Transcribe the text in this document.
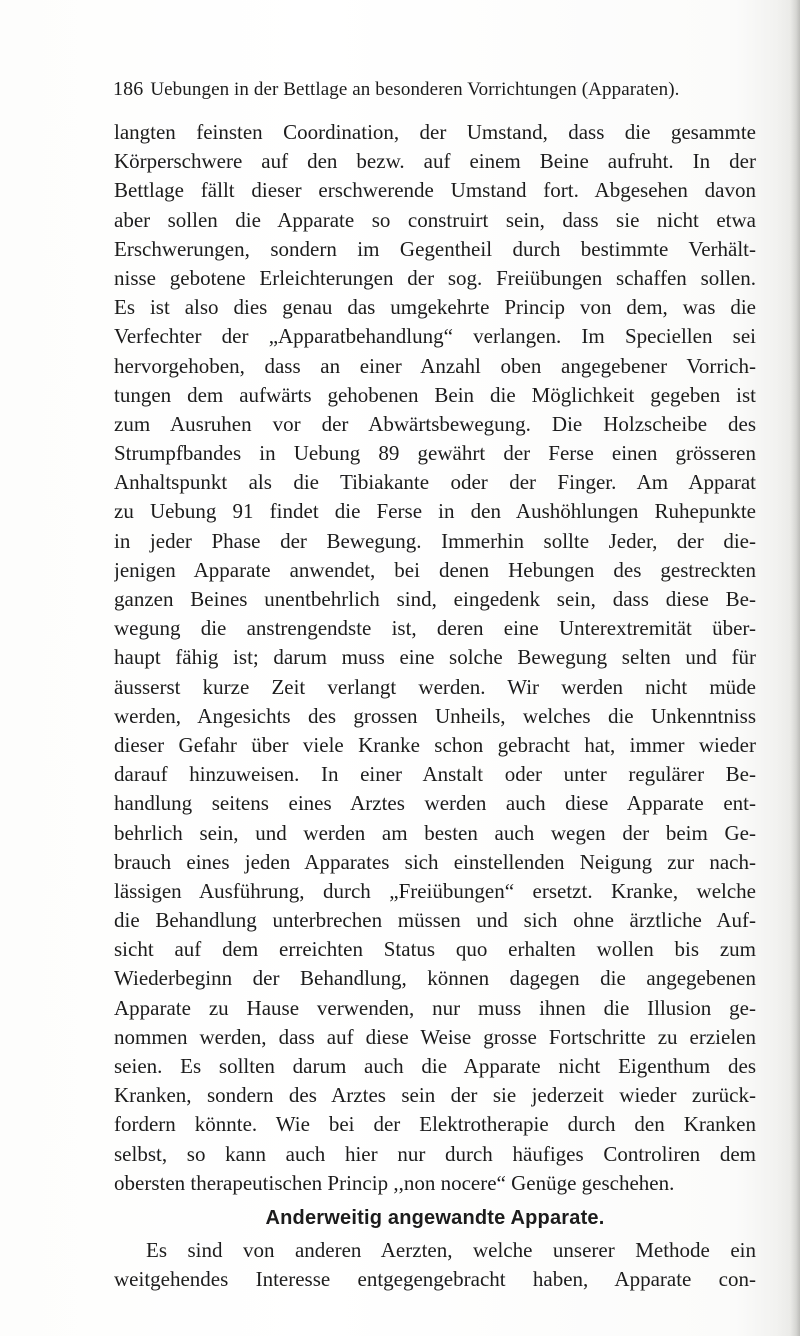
186 Uebungen in der Bettlage an besonderen Vorrichtungen (Apparaten).
langten feinsten Coordination, der Umstand, dass die gesammte
Körperschwere auf den bezw. auf einem Beine aufruht. In der
Bettlage fällt dieser erschwerende Umstand fort. Abgesehen davon
aber sollen die Apparate so construirt sein, dass sie nicht etwa
Erschwerungen, sondern im Gegentheil durch bestimmte Verhält-
nisse gebotene Erleichterungen der sog. Freiübungen schaffen sollen.
Es ist also dies genau das umgekehrte Princip von dem, was die
Verfechter der „Apparatbehandlung“ verlangen. Im Speciellen sei
hervorgehoben, dass an einer Anzahl oben angegebener Vorrich-
tungen dem aufwärts gehobenen Bein die Möglichkeit gegeben ist
zum Ausruhen vor der Abwärtsbewegung. Die Holzscheibe des
Strumpfbandes in Uebung 89 gewährt der Ferse einen grösseren
Anhaltspunkt als die Tibiakante oder der Finger. Am Apparat
zu Uebung 91 findet die Ferse in den Aushöhlungen Ruhepunkte
in jeder Phase der Bewegung. Immerhin sollte Jeder, der die-
jenigen Apparate anwendet, bei denen Hebungen des gestreckten
ganzen Beines unentbehrlich sind, eingedenk sein, dass diese Be-
wegung die anstrengendste ist, deren eine Unterextremität über-
haupt fähig ist; darum muss eine solche Bewegung selten und für
äusserst kurze Zeit verlangt werden. Wir werden nicht müde
werden, Angesichts des grossen Unheils, welches die Unkenntniss
dieser Gefahr über viele Kranke schon gebracht hat, immer wieder
darauf hinzuweisen. In einer Anstalt oder unter regulärer Be-
handlung seitens eines Arztes werden auch diese Apparate ent-
behrlich sein, und werden am besten auch wegen der beim Ge-
brauch eines jeden Apparates sich einstellenden Neigung zur nach-
lässigen Ausführung, durch „Freiübungen“ ersetzt. Kranke, welche
die Behandlung unterbrechen müssen und sich ohne ärztliche Auf-
sicht auf dem erreichten Status quo erhalten wollen bis zum
Wiederbeginn der Behandlung, können dagegen die angegebenen
Apparate zu Hause verwenden, nur muss ihnen die Illusion ge-
nommen werden, dass auf diese Weise grosse Fortschritte zu erzielen
seien. Es sollten darum auch die Apparate nicht Eigenthum des
Kranken, sondern des Arztes sein der sie jederzeit wieder zurück-
fordern könnte. Wie bei der Elektrotherapie durch den Kranken
selbst, so kann auch hier nur durch häufiges Controliren dem
obersten therapeutischen Princip ,,non nocere“ Genüge geschehen.
Anderweitig angewandte Apparate.
Es sind von anderen Aerzten, welche unserer Methode ein
weitgehendes Interesse entgegengebracht haben, Apparate con-
